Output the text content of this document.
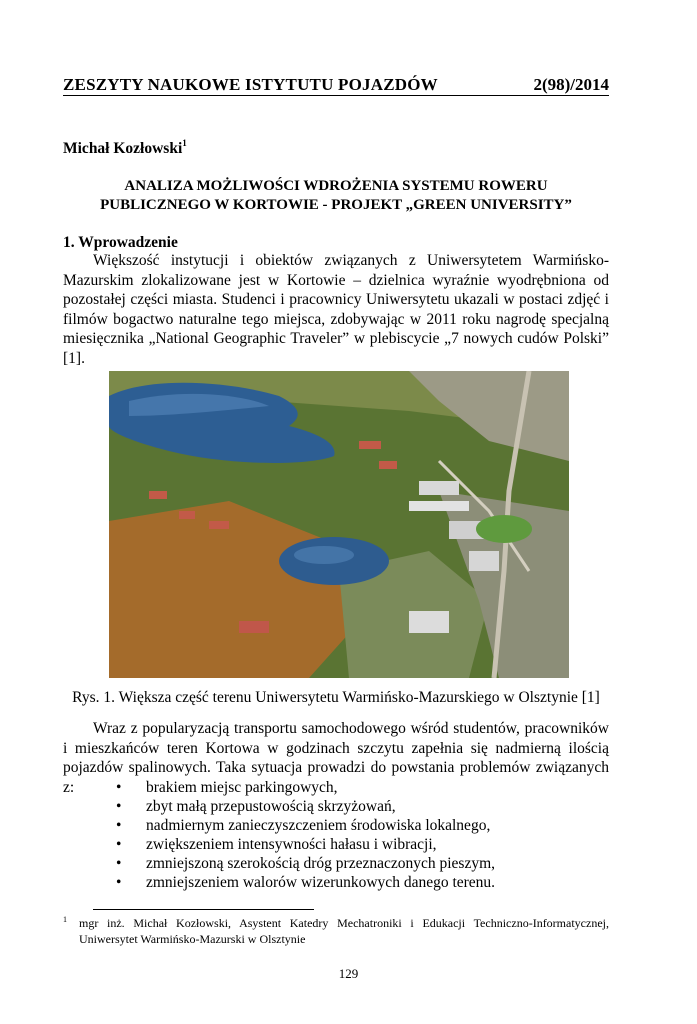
ZESZYTY NAUKOWE ISTYTUTU POJAZDÓW	2(98)/2014
Michał Kozłowski$^1$
ANALIZA MOŻLIWOŚCI WDROŻENIA SYSTEMU ROWERU
PUBLICZNEGO W KORTOWIE - PROJEKT „GREEN UNIVERSITY”
1. Wprowadzenie
Większość instytucji i obiektów związanych z Uniwersytetem Warmińsko-
Mazurskim zlokalizowane jest w Kortowie – dzielnica wyraźnie wyodrębniona od
pozostałej części miasta. Studenci i pracownicy Uniwersytetu ukazali w postaci zdjęć i
filmów bogactwo naturalne tego miejsca, zdobywając w 2011 roku nagrodę specjalną
miesięcznika „National Geographic Traveler” w plebiscycie „7 nowych cudów Polski”
[1].
Rys. 1. Większa część terenu Uniwersytetu Warmińsko-Mazurskiego w Olsztynie [1]
Wraz z popularyzacją transportu samochodowego wśród studentów, pracowników
i mieszkańców teren Kortowa w godzinach szczytu zapełnia się nadmierną ilością
pojazdów spalinowych. Taka sytuacja prowadzi do powstania problemów związanych z:	• brakiem miejsc parkingowych,
• zbyt małą przepustowością skrzyżowań,
• nadmiernym zanieczyszczeniem środowiska lokalnego,
• zwiększeniem intensywności hałasu i wibracji,
• zmniejszoną szerokością dróg przeznaczonych pieszym,
• zmniejszeniem walorów wizerunkowych danego terenu.
1 mgr inż. Michał Kozłowski, Asystent Katedry Mechatroniki i Edukacji Techniczno-Informatycznej,
Uniwersytet Warmińsko-Mazurski w Olsztynie
129
